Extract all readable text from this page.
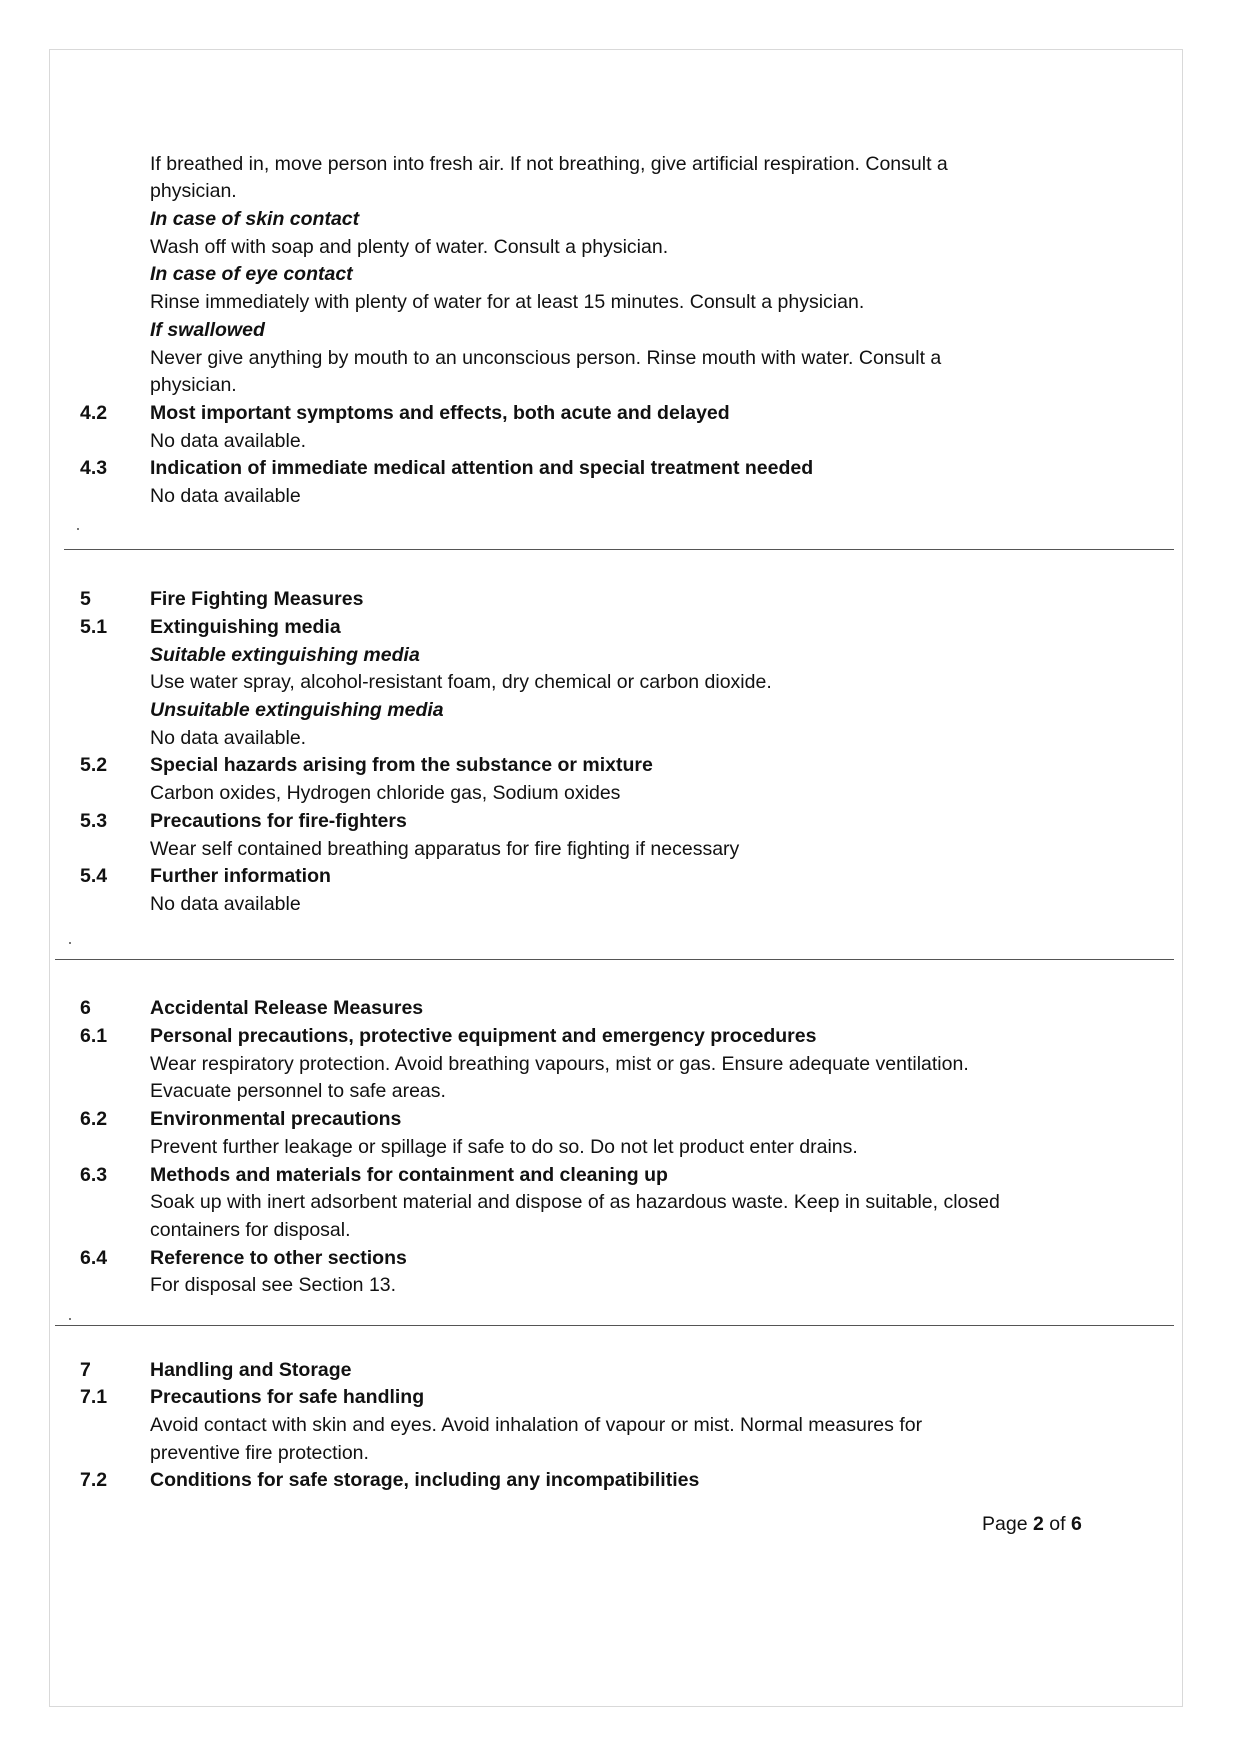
If breathed in, move person into fresh air. If not breathing, give artificial respiration. Consult a
physician.
In case of skin contact
Wash off with soap and plenty of water. Consult a physician.
In case of eye contact
Rinse immediately with plenty of water for at least 15 minutes. Consult a physician.
If swallowed
Never give anything by mouth to an unconscious person. Rinse mouth with water. Consult a
physician.
4.2 Most important symptoms and effects, both acute and delayed
No data available.
4.3 Indication of immediate medical attention and special treatment needed
No data available
5	Fire Fighting Measures
5.1 Extinguishing media
Suitable extinguishing media
Use water spray, alcohol-resistant foam, dry chemical or carbon dioxide.
Unsuitable extinguishing media
No data available.
5.2 Special hazards arising from the substance or mixture
Carbon oxides, Hydrogen chloride gas, Sodium oxides
5.3 Precautions for fire-fighters
Wear self contained breathing apparatus for fire fighting if necessary
5.4 Further information
No data available
6	Accidental Release Measures
6.1 Personal precautions, protective equipment and emergency procedures
Wear respiratory protection. Avoid breathing vapours, mist or gas. Ensure adequate ventilation.
Evacuate personnel to safe areas.
6.2 Environmental precautions
Prevent further leakage or spillage if safe to do so. Do not let product enter drains.
6.3 Methods and materials for containment and cleaning up
Soak up with inert adsorbent material and dispose of as hazardous waste. Keep in suitable, closed
containers for disposal.
6.4 Reference to other sections
For disposal see Section 13.
7	Handling and Storage
7.1 Precautions for safe handling
Avoid contact with skin and eyes. Avoid inhalation of vapour or mist. Normal measures for
preventive fire protection.
7.2 Conditions for safe storage, including any incompatibilities
Page 2 of 6
